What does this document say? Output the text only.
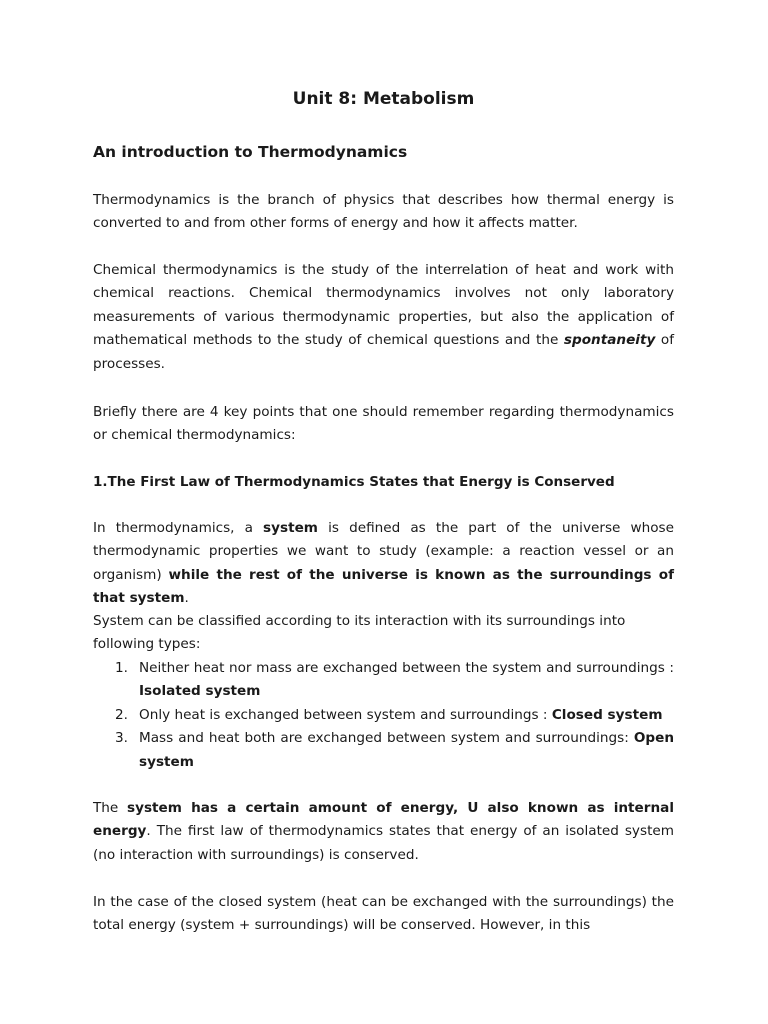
Unit 8: Metabolism
An introduction to Thermodynamics
Thermodynamics is the branch of physics that describes how thermal energy is converted to and from other forms of energy and how it affects matter.
Chemical thermodynamics is the study of the interrelation of heat and work with chemical reactions. Chemical thermodynamics involves not only laboratory measurements of various thermodynamic properties, but also the application of mathematical methods to the study of chemical questions and the spontaneity of processes.
Briefly there are 4 key points that one should remember regarding thermodynamics or chemical thermodynamics:
1.The First Law of Thermodynamics States that Energy is Conserved
In thermodynamics, a system is defined as the part of the universe whose thermodynamic properties we want to study (example: a reaction vessel or an organism) while the rest of the universe is known as the surroundings of that system.
System can be classified according to its interaction with its surroundings into following types:
1. Neither heat nor mass are exchanged between the system and surroundings : Isolated system
2. Only heat is exchanged between system and surroundings : Closed system
3. Mass and heat both are exchanged between system and surroundings: Open system
The system has a certain amount of energy, U also known as internal energy. The first law of thermodynamics states that energy of an isolated system (no interaction with surroundings) is conserved.
In the case of the closed system (heat can be exchanged with the surroundings) the total energy (system + surroundings) will be conserved. However, in this
